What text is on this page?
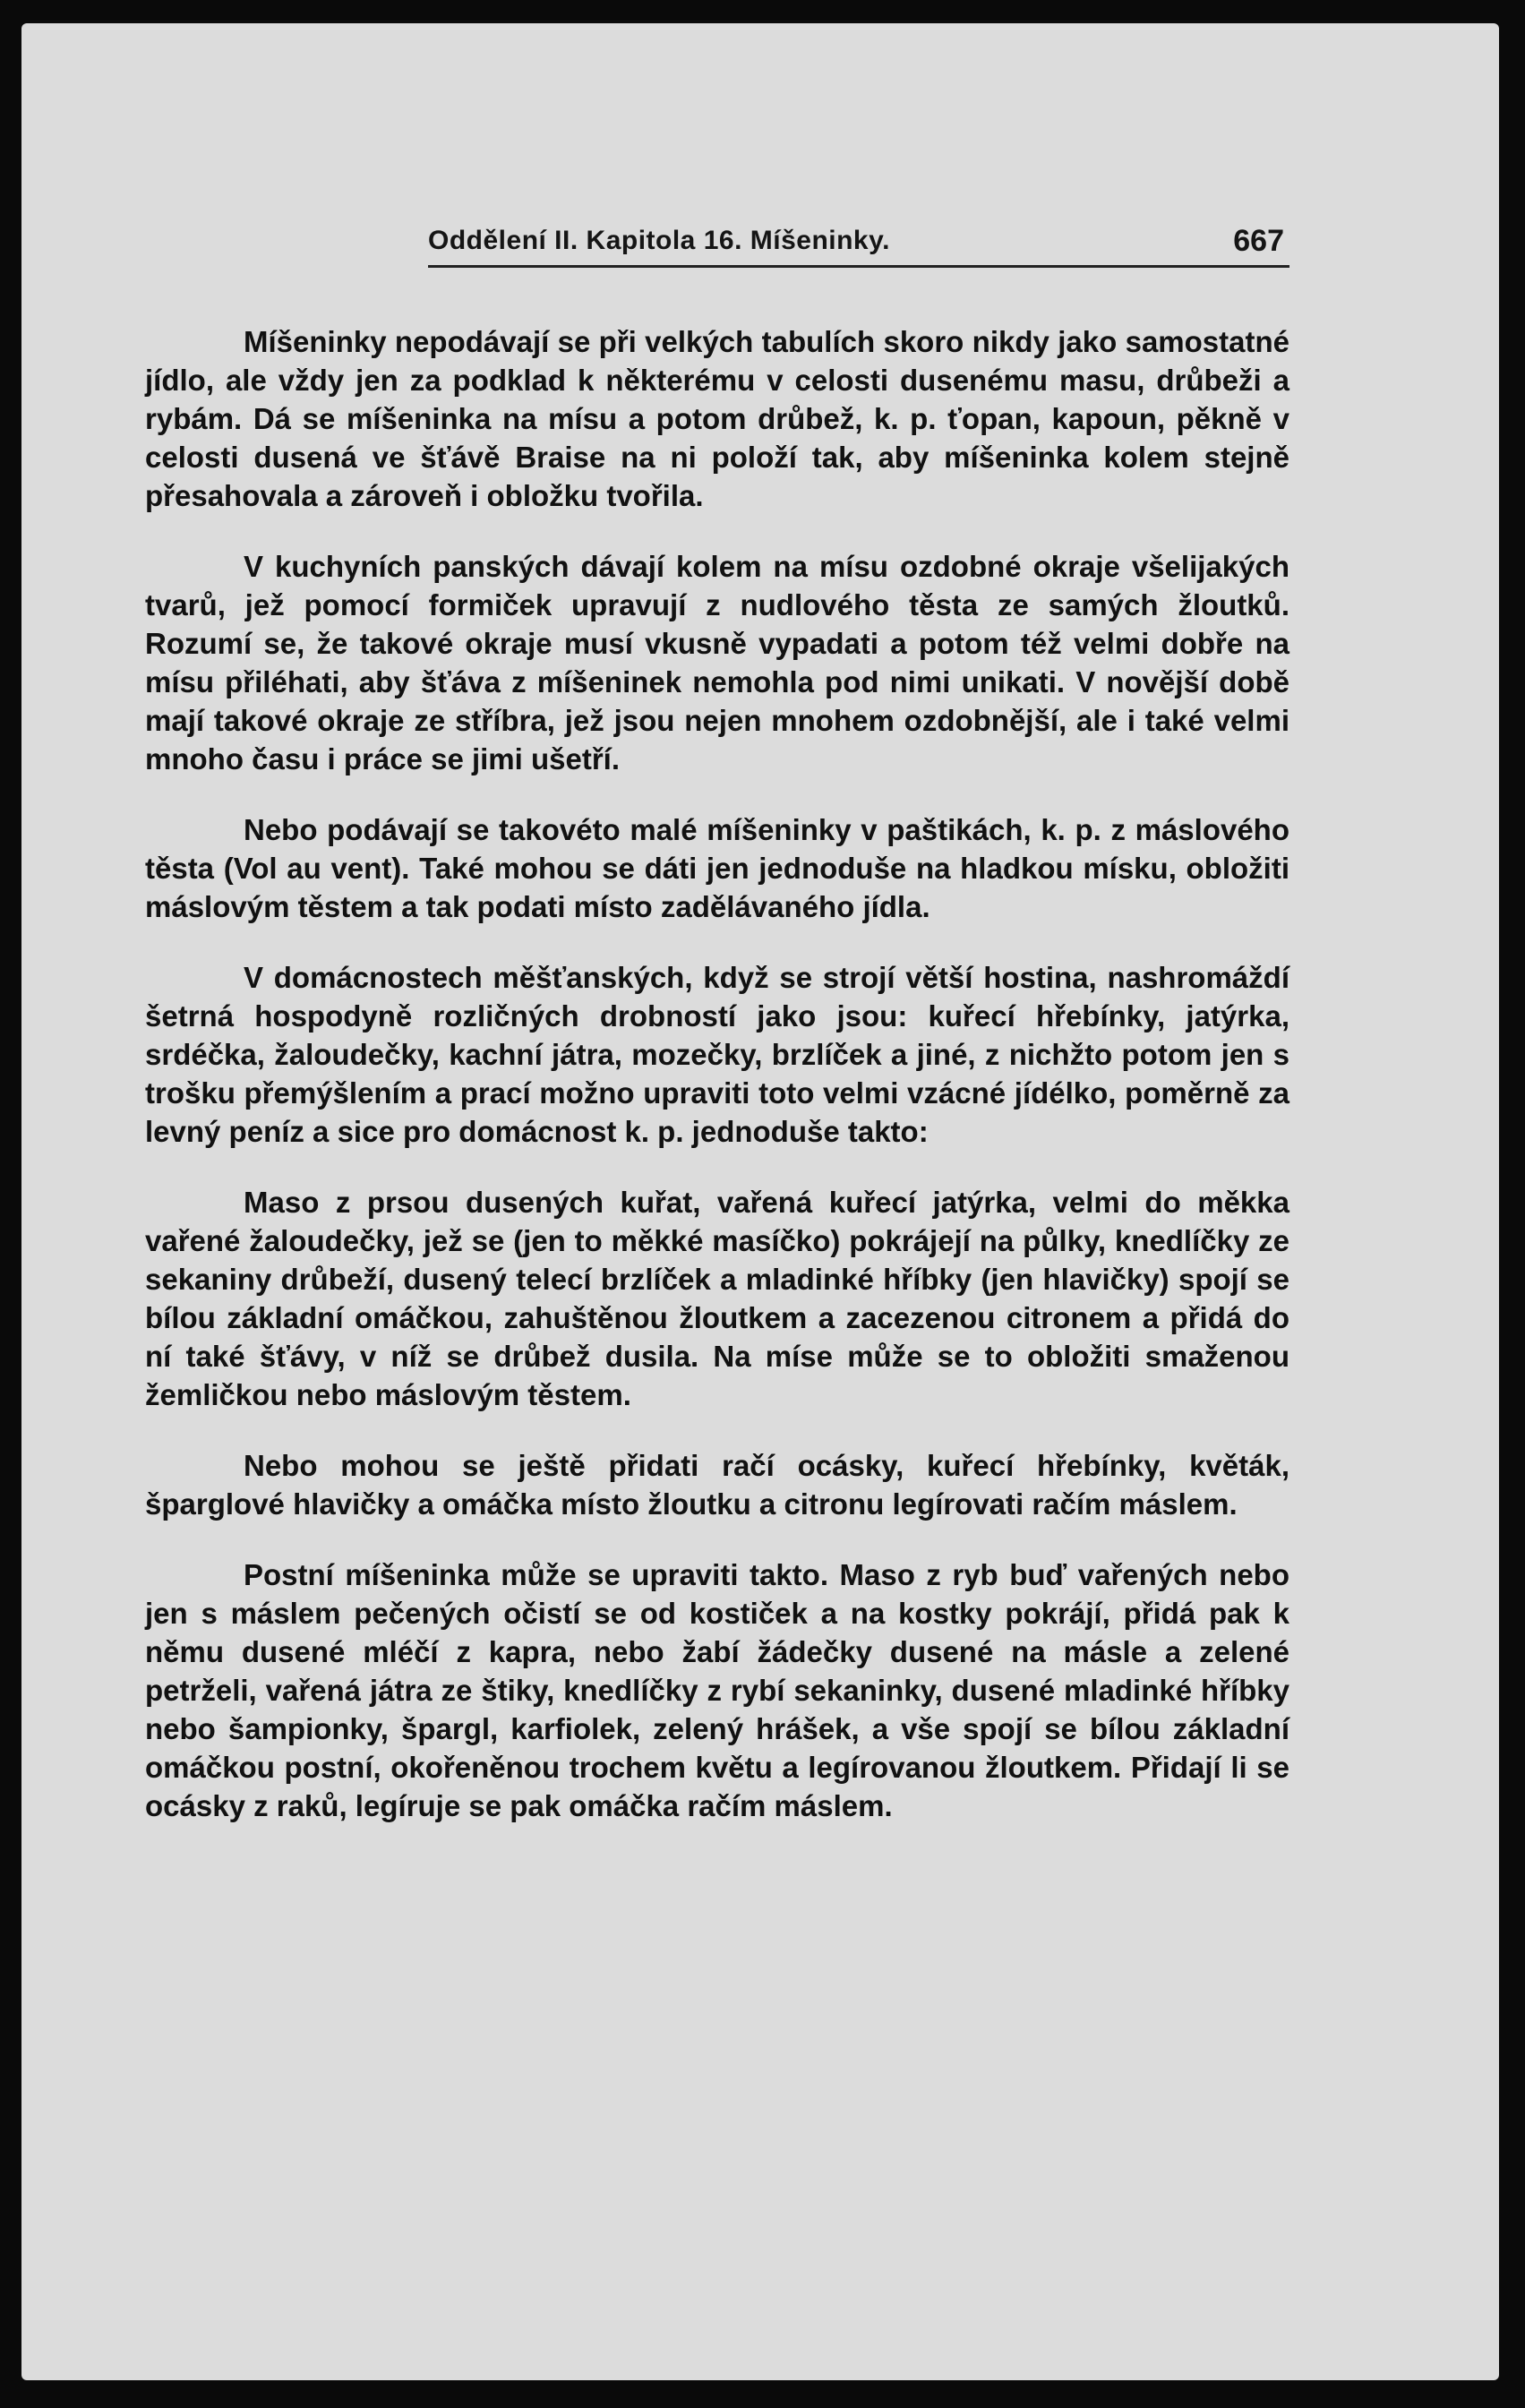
Oddělení II. Kapitola 16. Míšeninky.	667

Míšeninky nepodávají se při velkých tabulích skoro nikdy jako samostatné jídlo, ale vždy jen za podklad k některému v celosti dusenému masu, drůbeži a rybám. Dá se míšeninka na mísu a potom drůbež, k. p. ťopan, kapoun, pěkně v celosti dusená ve šťávě Braise na ni položí tak, aby míšeninka kolem stejně přesahovala a zároveň i obložku tvořila.

V kuchyních panských dávají kolem na mísu ozdobné okraje všelijakých tvarů, jež pomocí formiček upravují z nudlového těsta ze samých žloutků. Rozumí se, že takové okraje musí vkusně vypadati a potom též velmi dobře na mísu přiléhati, aby šťáva z míšeninek nemohla pod nimi unikati. V novější době mají takové okraje ze stříbra, jež jsou nejen mnohem ozdobnější, ale i také velmi mnoho času i práce se jimi ušetří.

Nebo podávají se takovéto malé míšeninky v paštikách, k. p. z máslového těsta (Vol au vent). Také mohou se dáti jen jednoduše na hladkou mísku, obložiti máslovým těstem a tak podati místo zadělávaného jídla.

V domácnostech měšťanských, když se strojí větší hostina, nashromáždí šetrná hospodyně rozličných drobností jako jsou: kuřecí hřebínky, jatýrka, srdéčka, žaloudečky, kachní játra, mozečky, brzlíček a jiné, z nichžto potom jen s trošku přemýšlením a prací možno upraviti toto velmi vzácné jídélko, poměrně za levný peníz a sice pro domácnost k. p. jednoduše takto:

Maso z prsou dusených kuřat, vařená kuřecí jatýrka, velmi do měkka vařené žaloudečky, jež se (jen to měkké masíčko) pokrájejí na půlky, knedlíčky ze sekaniny drůbeží, dusený telecí brzlíček a mladinké hříbky (jen hlavičky) spojí se bílou základní omáčkou, zahuštěnou žloutkem a zacezenou citronem a přidá do ní také šťávy, v níž se drůbež dusila. Na míse může se to obložiti smaženou žemličkou nebo máslovým těstem.

Nebo mohou se ještě přidati račí ocásky, kuřecí hřebínky, květák, šparglové hlavičky a omáčka místo žloutku a citronu legírovati račím máslem.

Postní míšeninka může se upraviti takto. Maso z ryb buď vařených nebo jen s máslem pečených očistí se od kostiček a na kostky pokrájí, přidá pak k němu dusené mléčí z kapra, nebo žabí žádečky dusené na másle a zelené petrželi, vařená játra ze štiky, knedlíčky z rybí sekaninky, dusené mladinké hříbky nebo šampionky, špargl, karfiolek, zelený hrášek, a vše spojí se bílou základní omáčkou postní, okořeněnou trochem květu a legírovanou žloutkem. Přidají li se ocásky z raků, legíruje se pak omáčka račím máslem.
